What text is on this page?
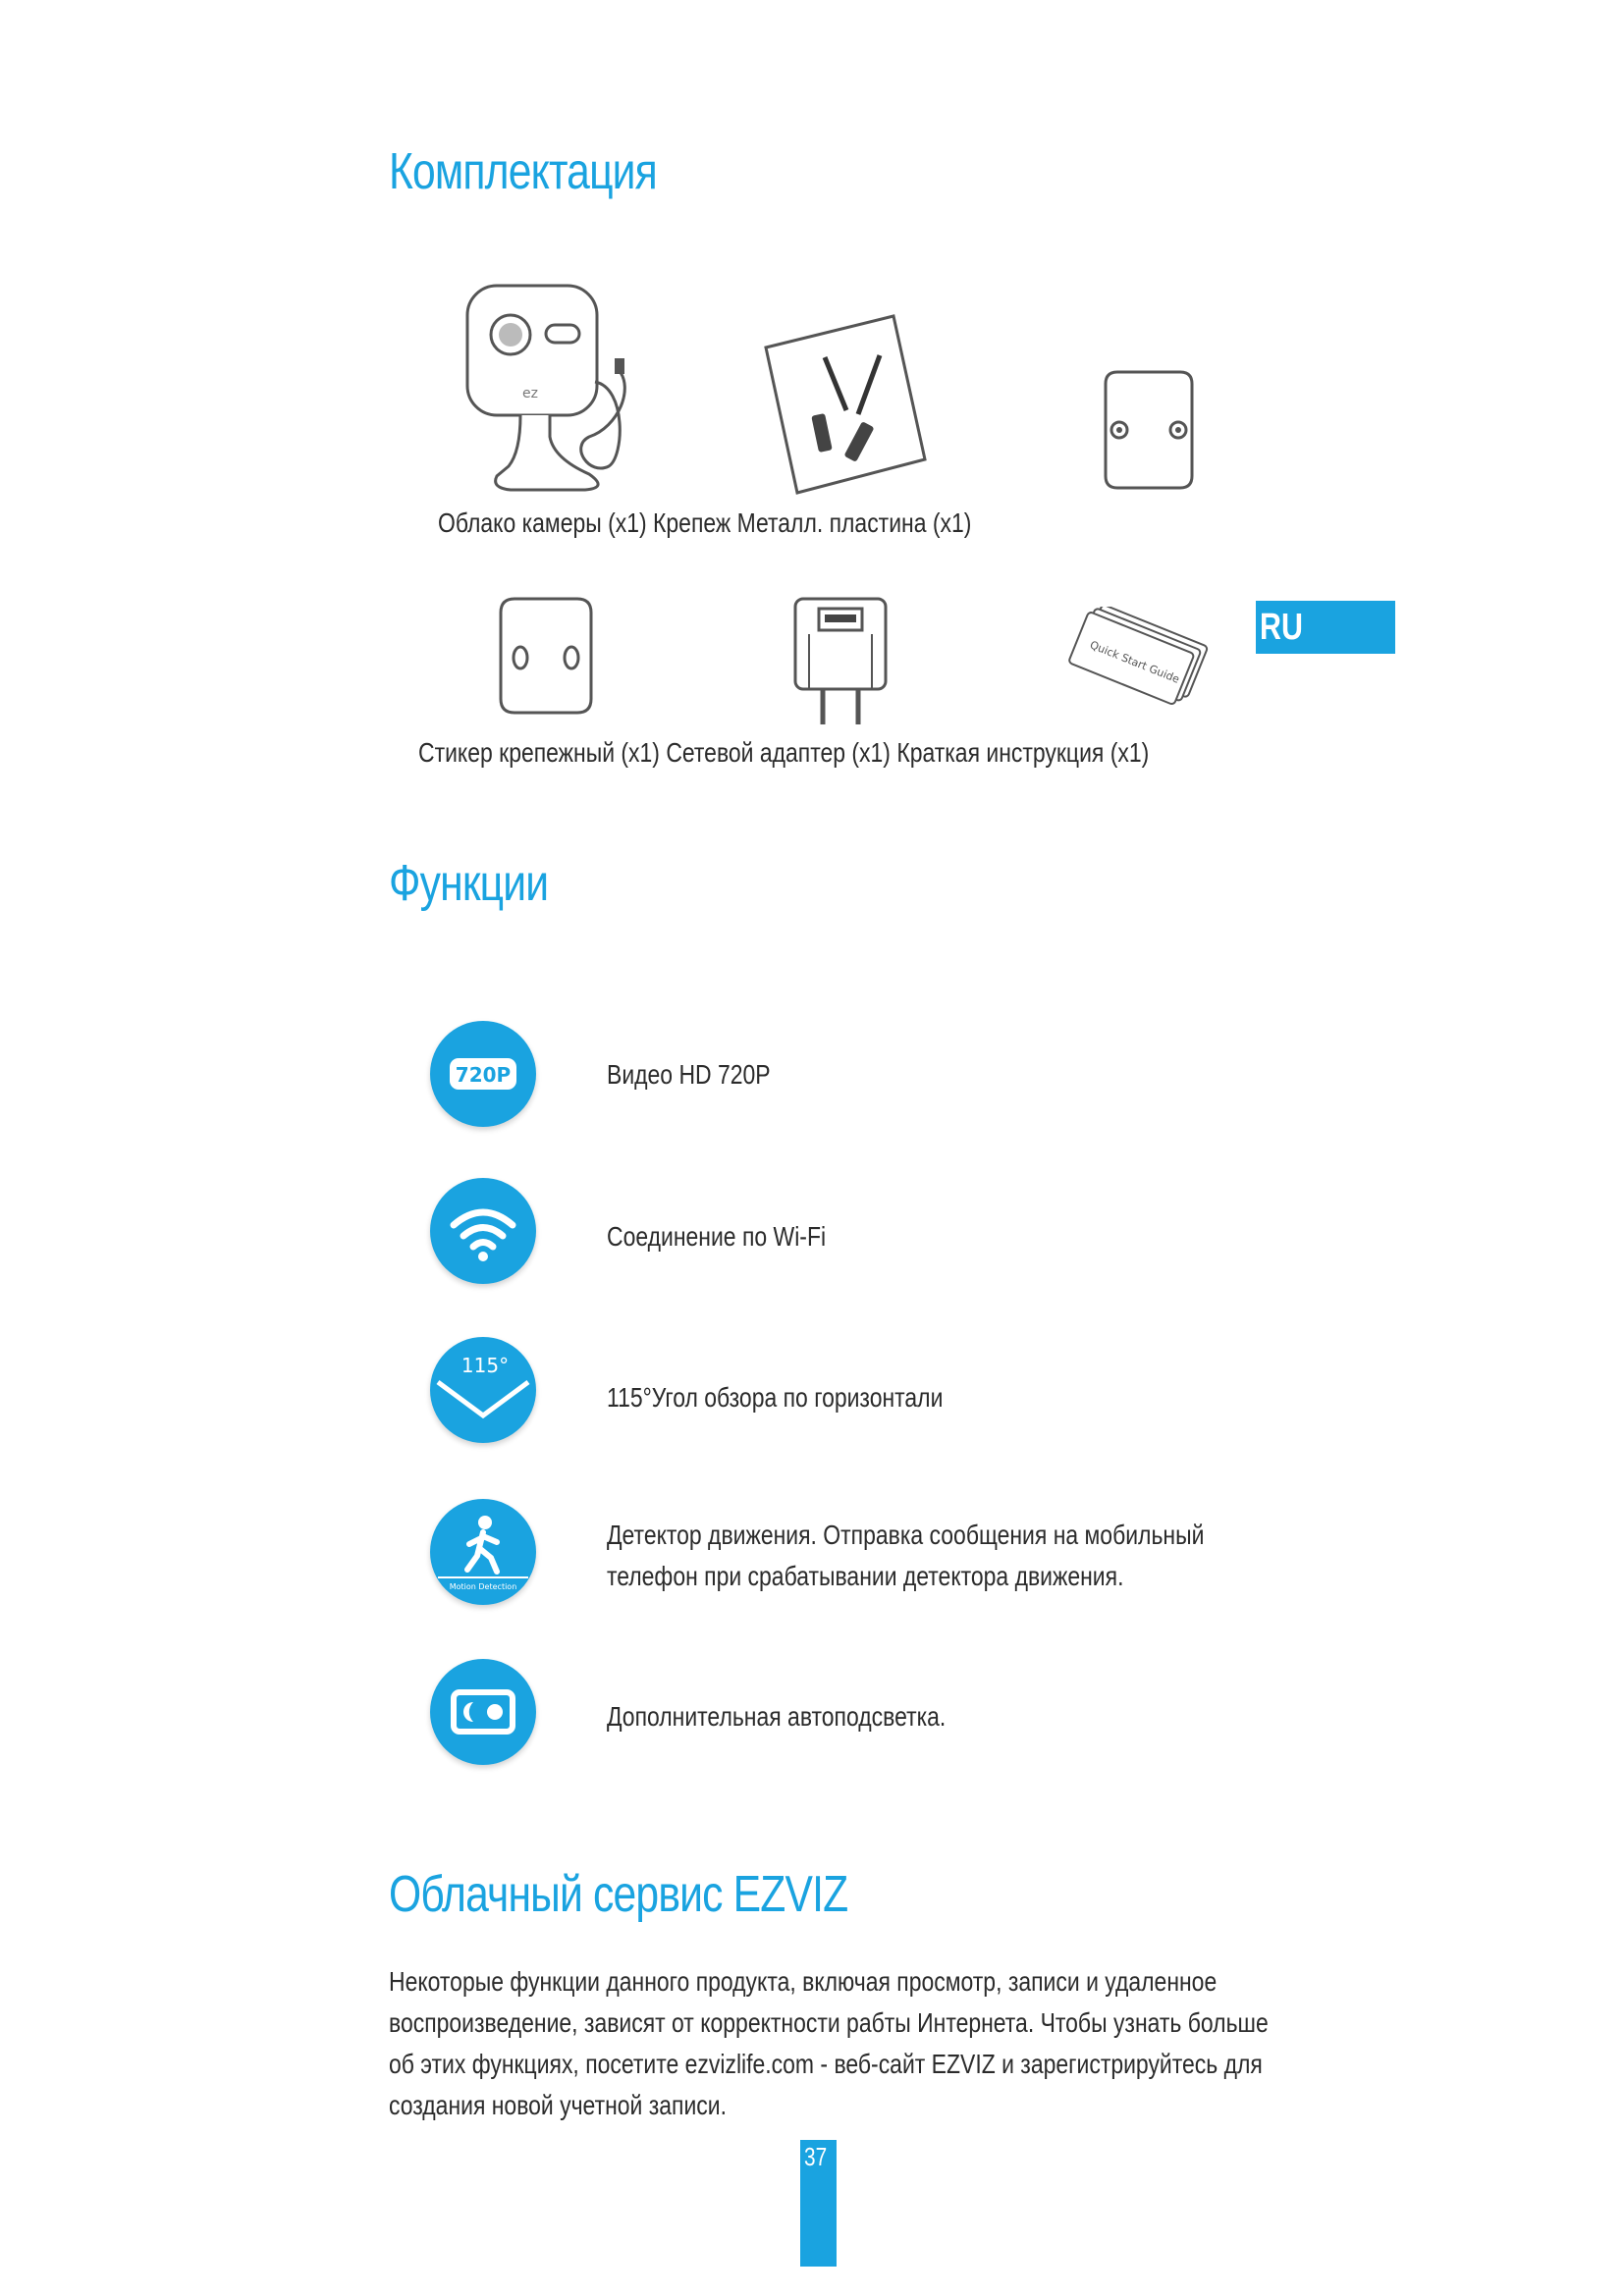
Комплектация
Функции
Облачный сервис EZVIZ
RU
ez

Облако камеры (x1) Крепеж Металл. пластина (x1)

Quick Start Guide

Стикер крепежный (x1) Сетевой адаптер (x1) Краткая инструкция (x1)

720P	Видео HD 720P

Соединение по Wi-Fi

115°

115°Угол обзора по горизонтали

Motion Detection

Детектор движения. Отправка сообщения на мобильный

телефон при срабатывании детектора движения.

Дополнительная автоподсветка.

Некоторые функции данного продукта, включая просмотр, записи и удаленное
воспроизведение, зависят от корректности рабты Интернета. Чтобы узнать больше
об этих функциях, посетите ezvizlife.com - веб-сайт EZVIZ и зарегистрируйтесь для
создания новой учетной записи.
37
